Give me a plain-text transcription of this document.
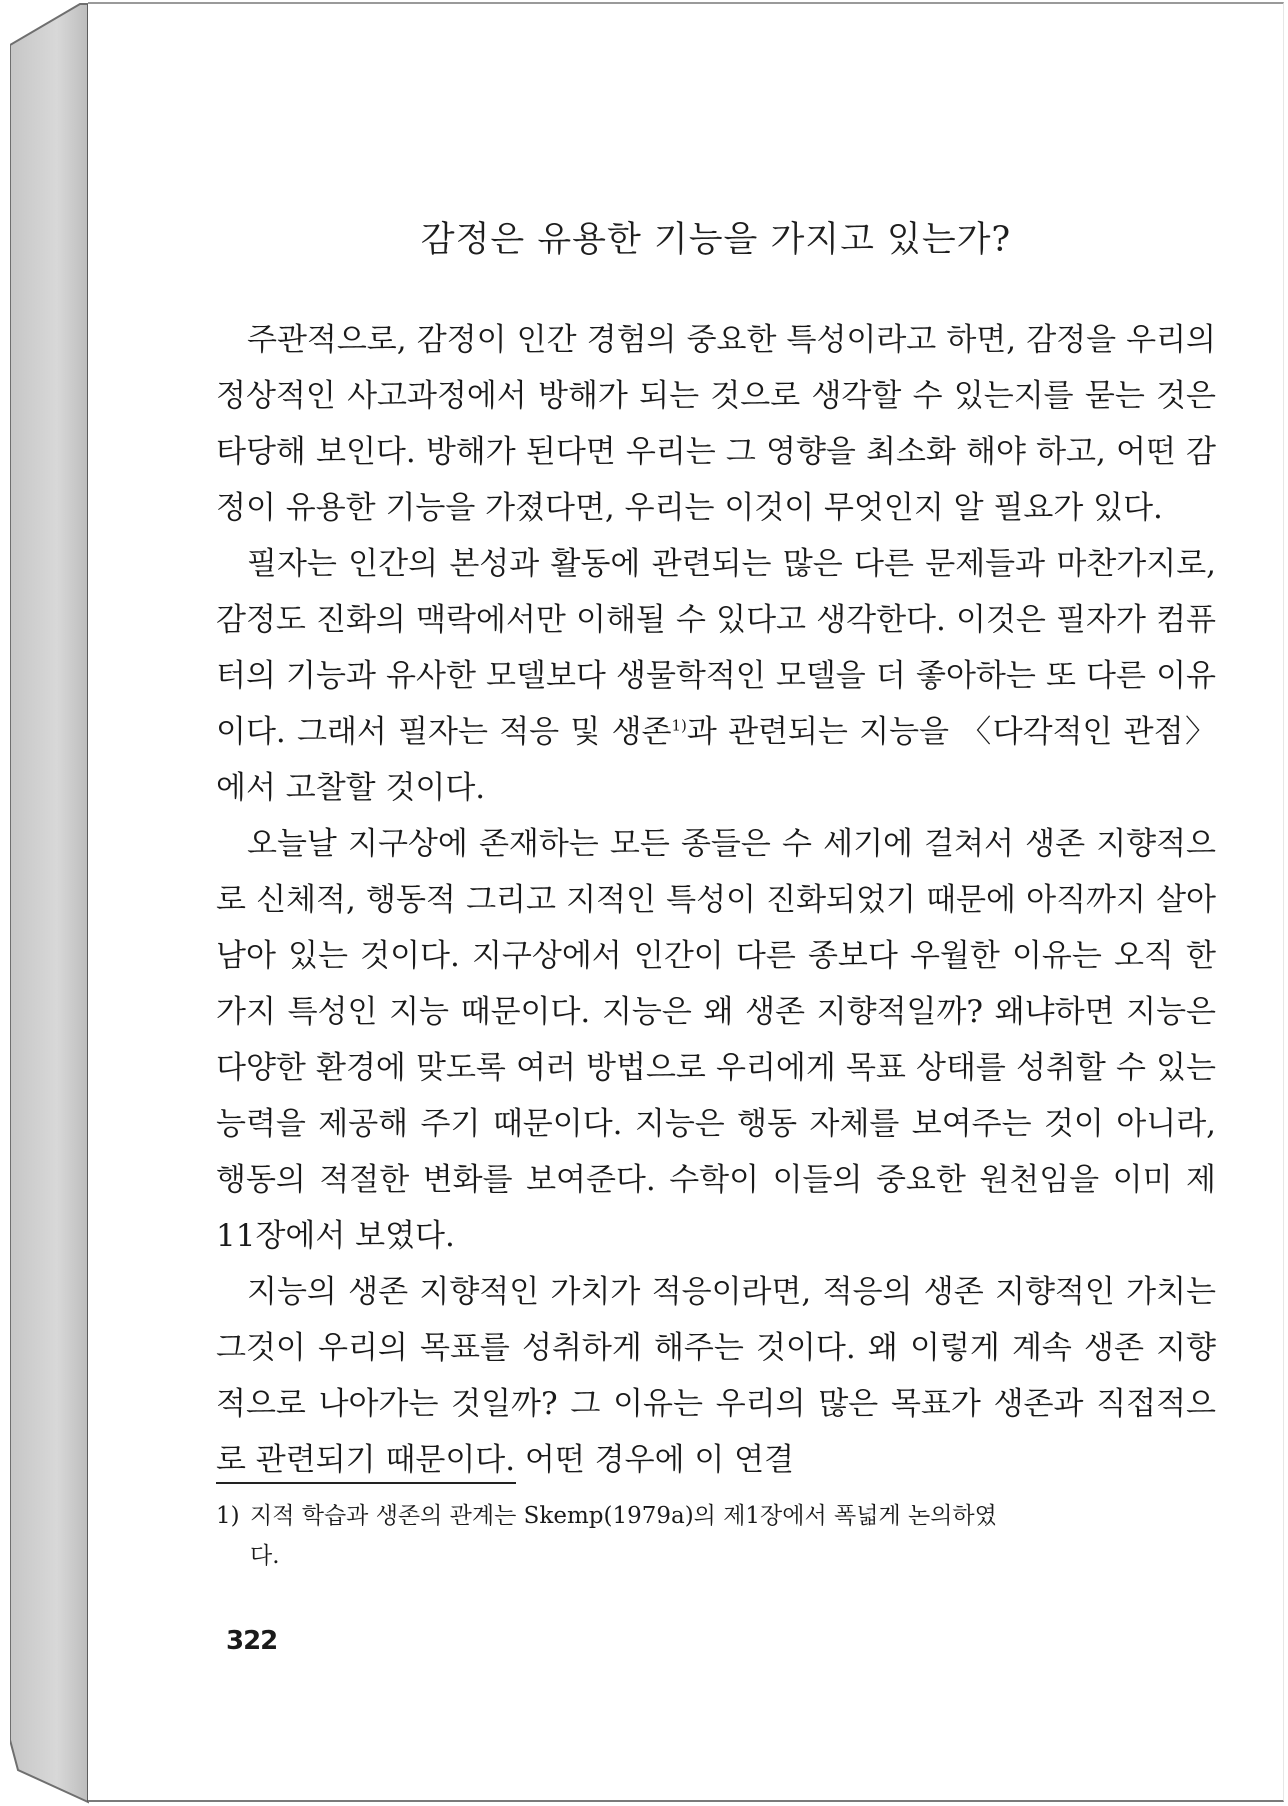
감정은 유용한 기능을 가지고 있는가?

주관적으로, 감정이 인간 경험의 중요한 특성이라고 하면, 감정을 우리의 정상적인 사고과정에서 방해가 되는 것으로 생각할 수 있는지를 묻는 것은 타당해 보인다. 방해가 된다면 우리는 그 영향을 최소화 해야 하고, 어떤 감정이 유용한 기능을 가졌다면, 우리는 이것이 무엇인지 알 필요가 있다.

필자는 인간의 본성과 활동에 관련되는 많은 다른 문제들과 마찬가지로, 감정도 진화의 맥락에서만 이해될 수 있다고 생각한다. 이것은 필자가 컴퓨터의 기능과 유사한 모델보다 생물학적인 모델을 더 좋아하는 또 다른 이유이다. 그래서 필자는 적응 및 생존$^{1)}$과 관련되는 지능을 〈다각적인 관점〉에서 고찰할 것이다.

오늘날 지구상에 존재하는 모든 종들은 수 세기에 걸쳐서 생존 지향적으로 신체적, 행동적 그리고 지적인 특성이 진화되었기 때문에 아직까지 살아 남아 있는 것이다. 지구상에서 인간이 다른 종보다 우월한 이유는 오직 한 가지 특성인 지능 때문이다. 지능은 왜 생존 지향적일까? 왜냐하면 지능은 다양한 환경에 맞도록 여러 방법으로 우리에게 목표 상태를 성취할 수 있는 능력을 제공해 주기 때문이다. 지능은 행동 자체를 보여주는 것이 아니라, 행동의 적절한 변화를 보여준다. 수학이 이들의 중요한 원천임을 이미 제 11장에서 보였다.

지능의 생존 지향적인 가치가 적응이라면, 적응의 생존 지향적인 가치는 그것이 우리의 목표를 성취하게 해주는 것이다. 왜 이렇게 계속 생존 지향적으로 나아가는 것일까? 그 이유는 우리의 많은 목표가 생존과 직접적으로 관련되기 때문이다. 어떤 경우에 이 연결

1) 지적 학습과 생존의 관계는 Skemp(1979a)의 제1장에서 폭넓게 논의하였
다.
322
